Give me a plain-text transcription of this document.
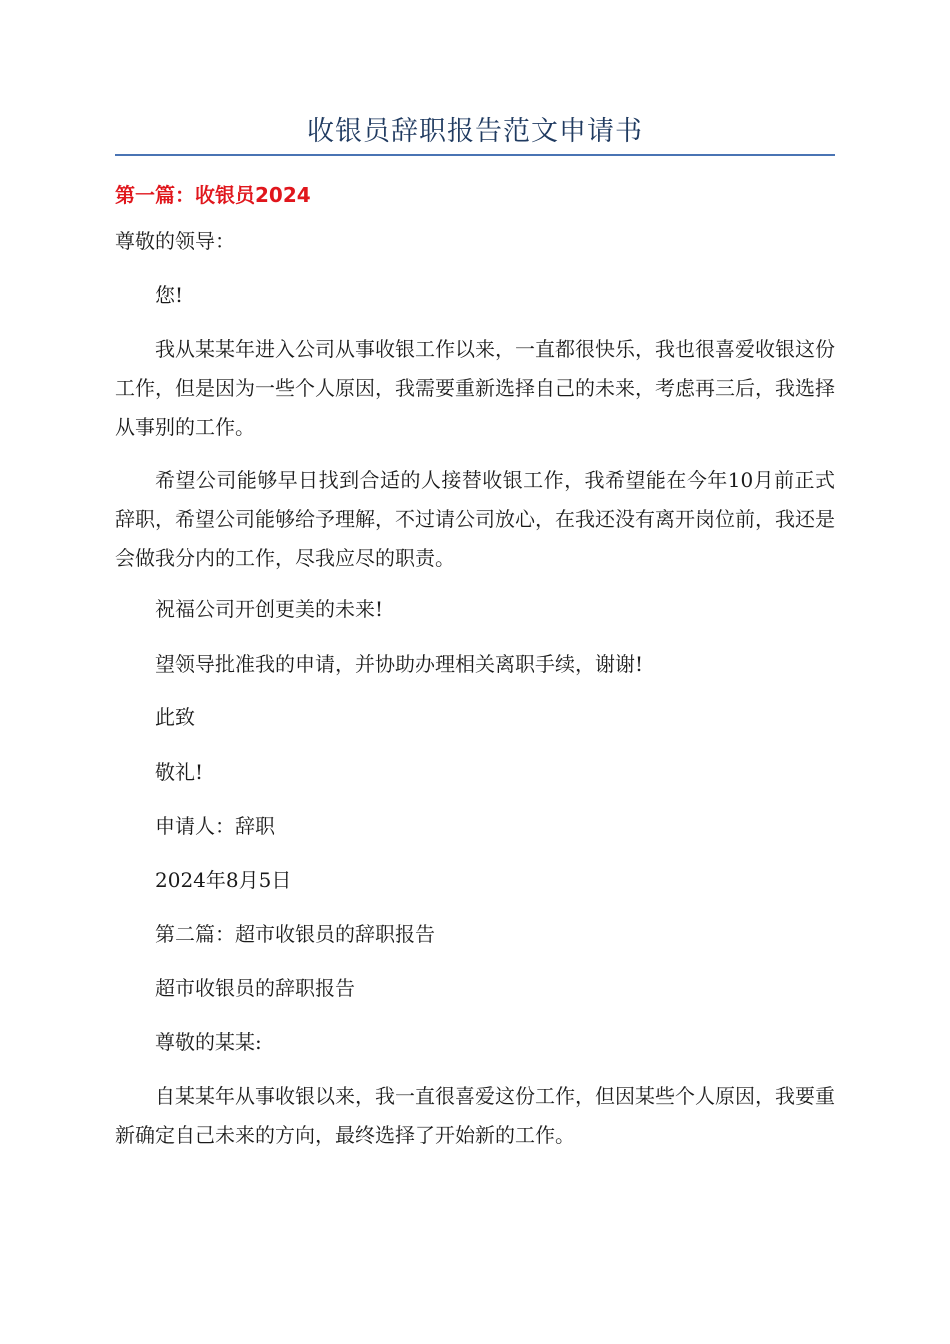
收银员辞职报告范文申请书
第一篇：收银员2024
尊敬的领导：
您!
我从某某年进入公司从事收银工作以来，一直都很快乐，我也很喜爱收银这份工作，但是因为一些个人原因，我需要重新选择自己的未来，考虑再三后，我选择从事别的工作。
希望公司能够早日找到合适的人接替收银工作，我希望能在今年10月前正式辞职，希望公司能够给予理解，不过请公司放心，在我还没有离开岗位前，我还是会做我分内的工作，尽我应尽的职责。
祝福公司开创更美的未来!
望领导批准我的申请，并协助办理相关离职手续，谢谢!
此致
敬礼!
申请人：辞职
2024年8月5日
第二篇：超市收银员的辞职报告
超市收银员的辞职报告
尊敬的某某:
自某某年从事收银以来，我一直很喜爱这份工作，但因某些个人原因，我要重新确定自己未来的方向，最终选择了开始新的工作。
